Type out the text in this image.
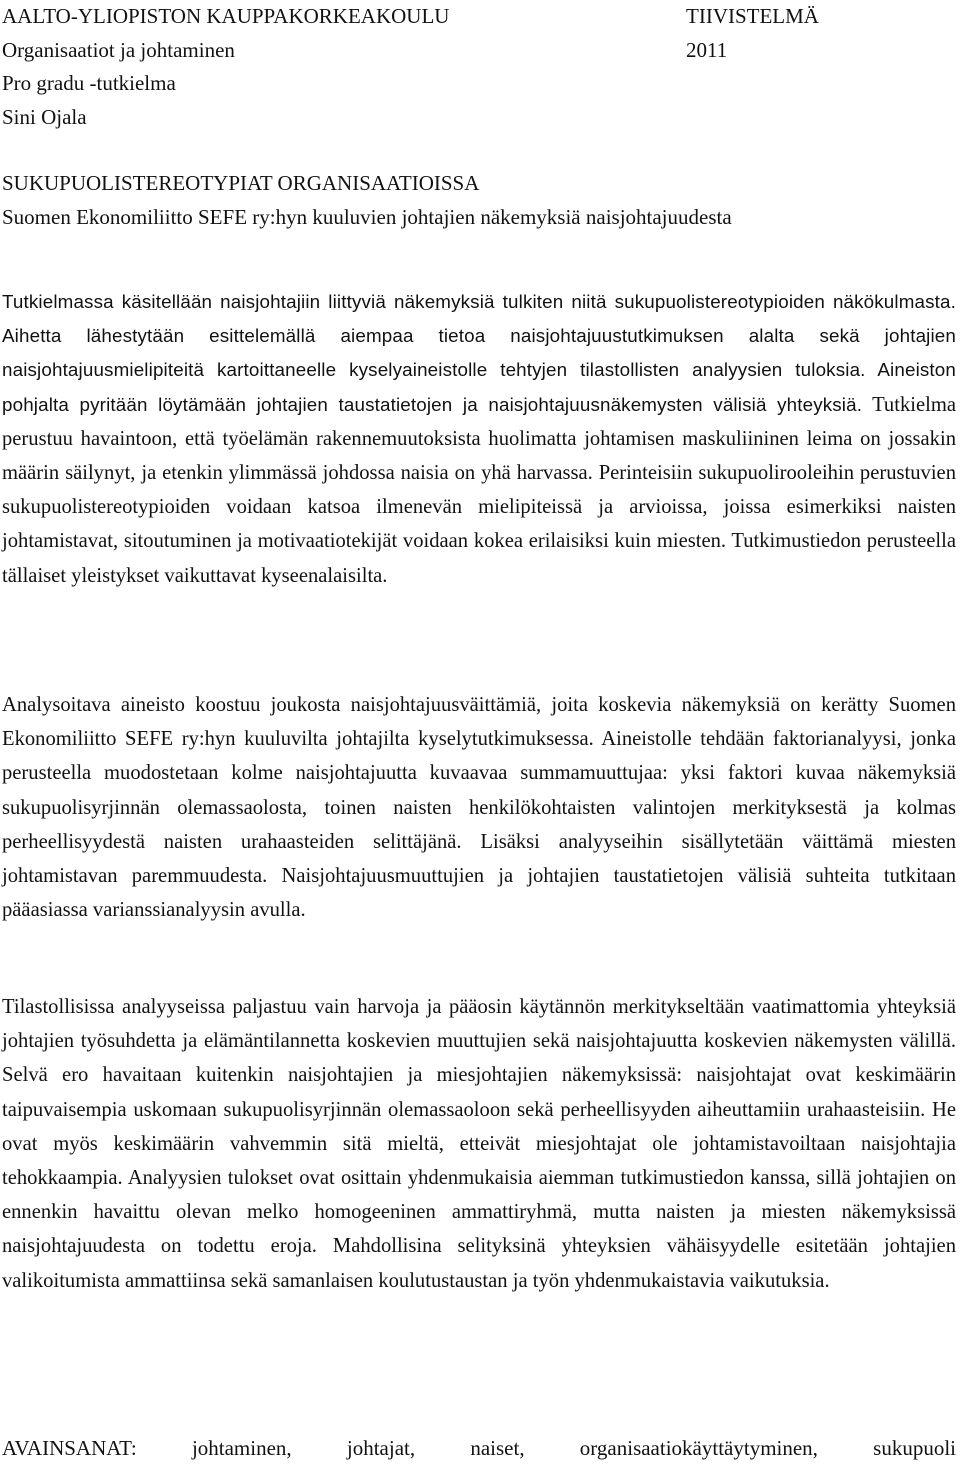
AALTO-YLIOPISTON KAUPPAKORKEAKOULU	TIIVISTELMÄ
Organisaatiot ja johtaminen	2011
Pro gradu -tutkielma
Sini Ojala
SUKUPUOLISTEREOTYPIAT ORGANISAATIOISSA
Suomen Ekonomiliitto SEFE ry:hyn kuuluvien johtajien näkemyksiä naisjohtajuudesta

Tutkielmassa käsitellään naisjohtajiin liittyviä näkemyksiä tulkiten niitä sukupuolistereotypioiden näkökulmasta. Aihetta lähestytään esittelemällä aiempaa tietoa naisjohtajuustutkimuksen alalta sekä johtajien naisjohtajuusmielipiteitä kartoittaneelle kyselyaineistolle tehtyjen tilastollisten analyysien tuloksia. Aineiston pohjalta pyritään löytämään johtajien taustatietojen ja naisjohtajuusnäkemysten välisiä yhteyksiä. Tutkielma perustuu havaintoon, että työelämän rakennemuutoksista huolimatta johtamisen maskuliininen leima on jossakin määrin säilynyt, ja etenkin ylimmässä johdossa naisia on yhä harvassa. Perinteisiin sukupuolirooleihin perustuvien sukupuolistereotypioiden voidaan katsoa ilmenevän mielipiteissä ja arvioissa, joissa esimerkiksi naisten johtamistavat, sitoutuminen ja motivaatiotekijät voidaan kokea erilaisiksi kuin miesten. Tutkimustiedon perusteella tällaiset yleistykset vaikuttavat kyseenalaisilta.

Analysoitava aineisto koostuu joukosta naisjohtajuusväittämiä, joita koskevia näkemyksiä on kerätty Suomen Ekonomiliitto SEFE ry:hyn kuuluvilta johtajilta kyselytutkimuksessa. Aineistolle tehdään faktorianalyysi, jonka perusteella muodostetaan kolme naisjohtajuutta kuvaavaa summamuuttujaa: yksi faktori kuvaa näkemyksiä sukupuolisyrjinnän olemassaolosta, toinen naisten henkilökohtaisten valintojen merkityksestä ja kolmas perheellisyydestä naisten urahaasteiden selittäjänä. Lisäksi analyyseihin sisällytetään väittämä miesten johtamistavan paremmuudesta. Naisjohtajuusmuuttujien ja johtajien taustatietojen välisiä suhteita tutkitaan pääasiassa varianssianalyysin avulla.

Tilastollisissa analyyseissa paljastuu vain harvoja ja pääosin käytännön merkitykseltään vaatimattomia yhteyksiä johtajien työsuhdetta ja elämäntilannetta koskevien muuttujien sekä naisjohtajuutta koskevien näkemysten välillä. Selvä ero havaitaan kuitenkin naisjohtajien ja miesjohtajien näkemyksissä: naisjohtajat ovat keskimäärin taipuvaisempia uskomaan sukupuolisyrjinnän olemassaoloon sekä perheellisyyden aiheuttamiin urahaasteisiin. He ovat myös keskimäärin vahvemmin sitä mieltä, etteivät miesjohtajat ole johtamistavoiltaan naisjohtajia tehokkaampia. Analyysien tulokset ovat osittain yhdenmukaisia aiemman tutkimustiedon kanssa, sillä johtajien on ennenkin havaittu olevan melko homogeeninen ammattiryhmä, mutta naisten ja miesten näkemyksissä naisjohtajuudesta on todettu eroja. Mahdollisina selityksinä yhteyksien vähäisyydelle esitetään johtajien valikoitumista ammattiinsa sekä samanlaisen koulutustaustan ja työn yhdenmukaistavia vaikutuksia.

AVAINSANAT:	johtaminen,	johtajat,	naiset,	organisaatiokäyttäytyminen,	sukupuoli
